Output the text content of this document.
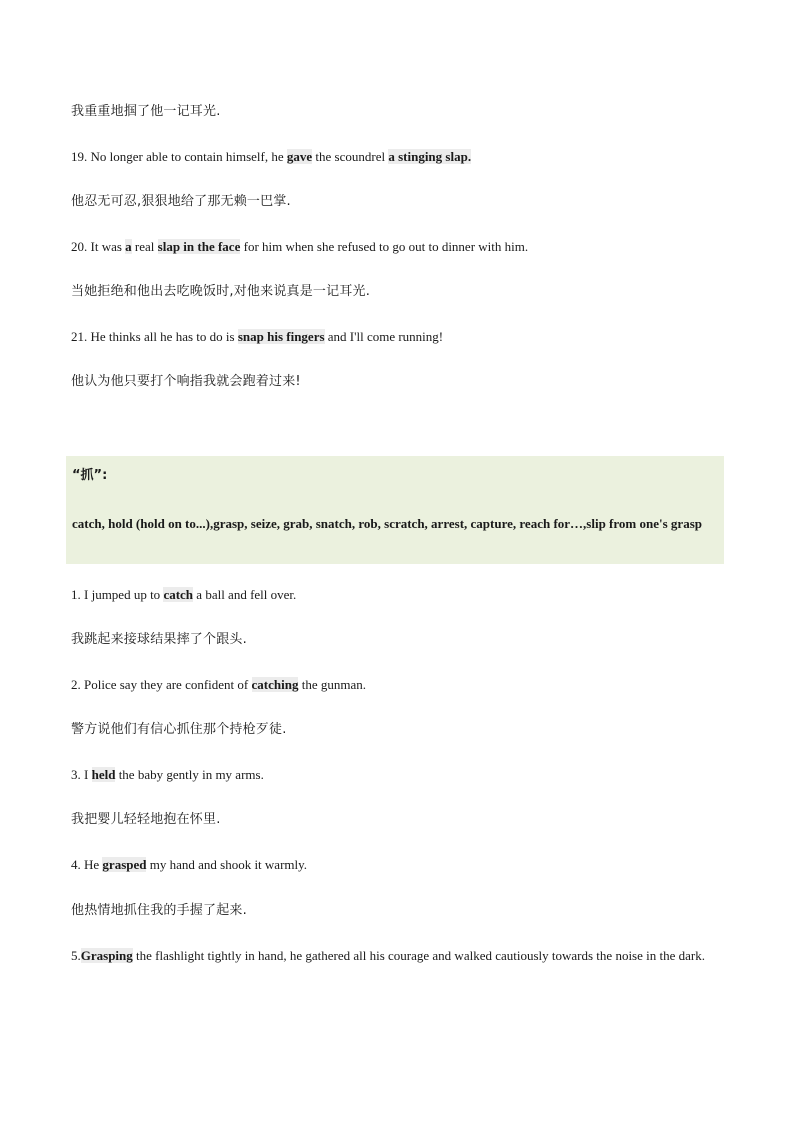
我重重地掴了他一记耳光.
19. No longer able to contain himself, he gave the scoundrel a stinging slap.
他忍无可忍,狠狠地给了那无赖一巴掌.
20. It was a real slap in the face for him when she refused to go out to dinner with him.
当她拒绝和他出去吃晚饭时,对他来说真是一记耳光.
21. He thinks all he has to do is snap his fingers and I'll come running!
他认为他只要打个响指我就会跑着过来!
“抓”:
catch, hold (hold on to...),grasp, seize, grab, snatch, rob, scratch, arrest, capture, reach for…,slip from one's grasp
1. I jumped up to catch a ball and fell over.
我跳起来接球结果摔了个跟头.
2. Police say they are confident of catching the gunman.
警方说他们有信心抓住那个持枪歹徒.
3. I held the baby gently in my arms.
我把婴儿轻轻地抱在怀里.
4. He grasped my hand and shook it warmly.
他热情地抓住我的手握了起来.
5.Grasping the flashlight tightly in hand, he gathered all his courage and walked cautiously towards the noise in the dark.
